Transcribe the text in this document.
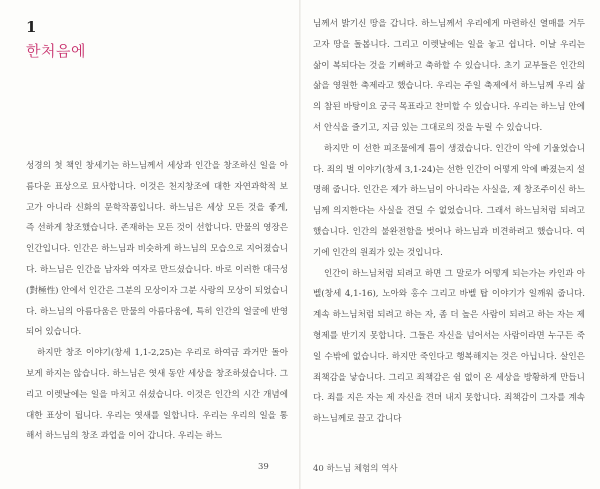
1
한처음에

성경의 첫 책인 창세기는 하느님께서 세상과 인간을 창조하신 일을 아름다운 표상으로 묘사합니다. 이것은 천지창조에 대한 자연과학적 보고가 아니라 신화의 문학작품입니다. 하느님은 세상 모든 것을 좋게, 즉 선하게 창조했습니다. 존재하는 모든 것이 선합니다. 만물의 영장은 인간입니다. 인간은 하느님과 비슷하게 하느님의 모습으로 지어졌습니다. 하느님은 인간을 남자와 여자로 만드셨습니다. 바로 이러한 대극성(對極性) 안에서 인간은 그분의 모상이자 그분 사랑의 모상이 되었습니다. 하느님의 아름다움은 만물의 아름다움에, 특히 인간의 얼굴에 반영되어 있습니다.

하지만 창조 이야기(창세 1,1-2,25)는 우리로 하여금 과거만 돌아보게 하지는 않습니다. 하느님은 엿새 동안 세상을 창조하셨습니다. 그리고 이렛날에는 일을 마치고 쉬셨습니다. 이것은 인간의 시간 개념에 대한 표상이 됩니다. 우리는 엿새를 일합니다. 우리는 우리의 일을 통해서 하느님의 창조 과업을 이어 갑니다. 우리는 하느

39

님께서 밝기신 땅을 갑니다. 하느님께서 우리에게 마련하신 열매를 거두고자 땅을 돌봅니다. 그리고 이렛날에는 일을 놓고 쉽니다. 이날 우리는 삶이 복되다는 것을 기뻐하고 축하할 수 있습니다. 초기 교부들은 인간의 삶을 영원한 축제라고 했습니다. 우리는 주일 축제에서 하느님께 우리 삶의 참된 바탕이요 궁극 목표라고 찬미할 수 있습니다. 우리는 하느님 안에서 안식을 즐기고, 지금 있는 그대로의 것을 누릴 수 있습니다.

하지만 이 선한 피조물에게 틈이 생겼습니다. 인간이 악에 기울었습니다. 죄의 벌 이야기(창세 3,1-24)는 선한 인간이 어떻게 악에 빠졌는지 설명해 줍니다. 인간은 제가 하느님이 아니라는 사실을, 제 창조주이신 하느님께 의지한다는 사실을 견딜 수 없었습니다. 그래서 하느님처럼 되려고 했습니다. 인간의 불완전함을 벗어나 하느님과 비견하려고 했습니다. 여기에 인간의 원죄가 있는 것입니다.

인간이 하느님처럼 되려고 하면 그 말로가 어떻게 되는가는 카인과 아벨(창세 4,1-16), 노아와 홍수 그리고 바벨 탑 이야기가 일깨워 줍니다. 계속 하느님처럼 되려고 하는 자, 좀 더 높은 사람이 되려고 하는 자는 제 형제를 반기지 못합니다. 그들은 자신을 넘어서는 사람이라면 누구든 죽일 수밖에 없습니다. 하지만 죽인다고 행복해지는 것은 아닙니다. 살인은 죄책감을 낳습니다. 그리고 죄책감은 쉼 없이 온 세상을 방황하게 만듭니다. 죄를 지은 자는 제 자신을 견뎌 내지 못합니다. 죄책감이 그자를 계속 하느님께로 끌고 갑니다

40 하느님 체험의 역사
